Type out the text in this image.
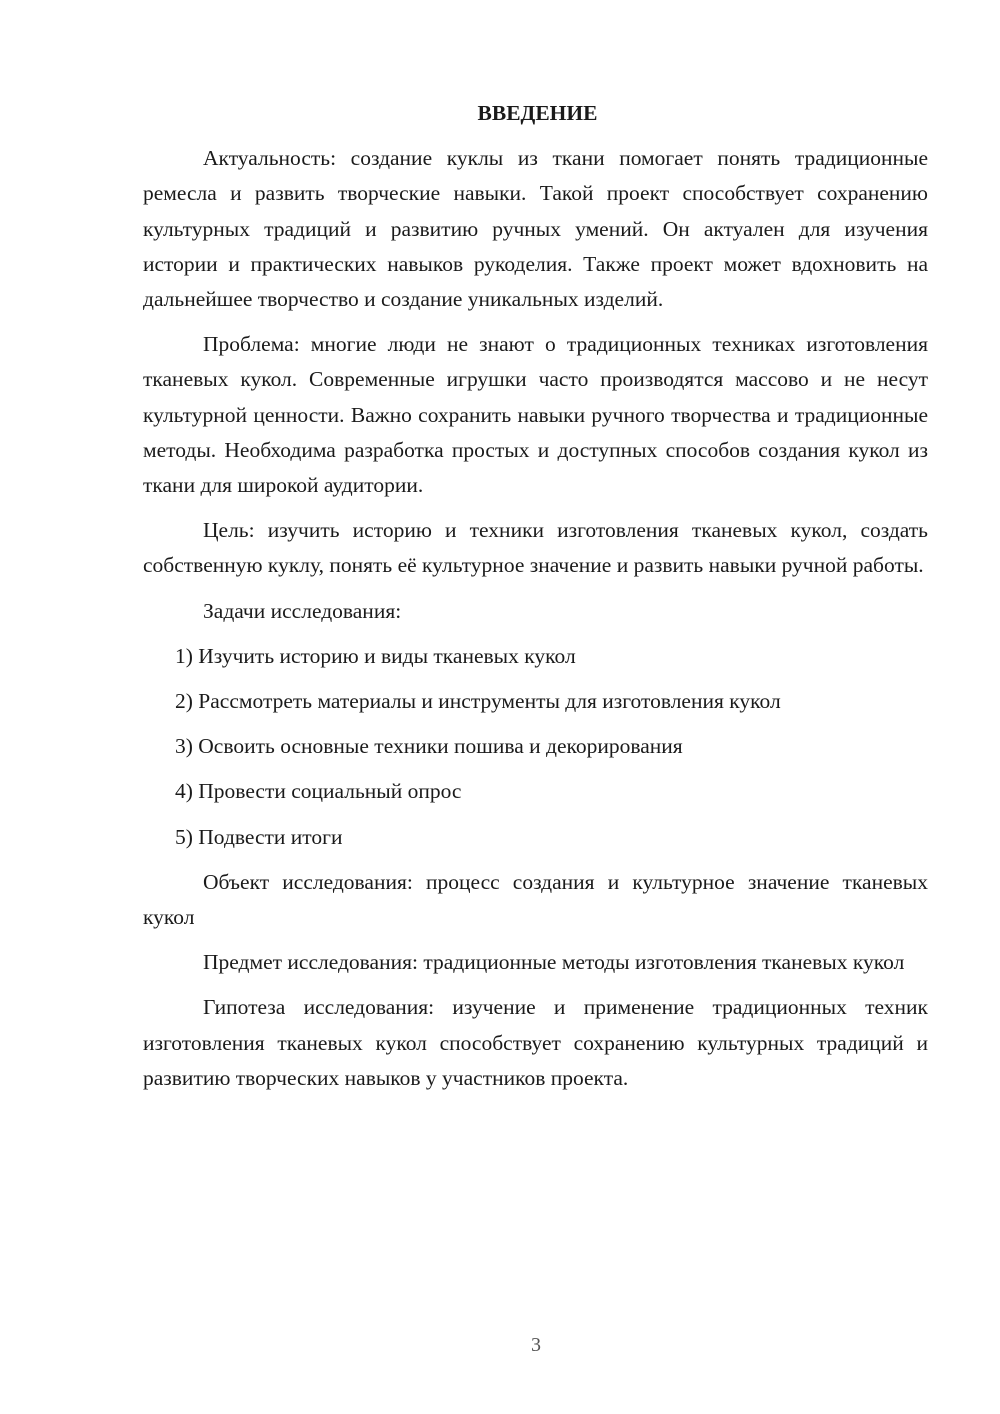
ВВЕДЕНИЕ

Актуальность: создание куклы из ткани помогает понять традиционные ремесла и развить творческие навыки. Такой проект способствует сохранению культурных традиций и развитию ручных умений. Он актуален для изучения истории и практических навыков рукоделия. Также проект может вдохновить на дальнейшее творчество и создание уникальных изделий.

Проблема: многие люди не знают о традиционных техниках изготовления тканевых кукол. Современные игрушки часто производятся массово и не несут культурной ценности. Важно сохранить навыки ручного творчества и традиционные методы. Необходима разработка простых и доступных способов создания кукол из ткани для широкой аудитории.

Цель: изучить историю и техники изготовления тканевых кукол, создать собственную куклу, понять её культурное значение и развить навыки ручной работы.

Задачи исследования:

1) Изучить историю и виды тканевых кукол
2) Рассмотреть материалы и инструменты для изготовления кукол
3) Освоить основные техники пошива и декорирования
4) Провести социальный опрос
5) Подвести итоги

Объект исследования: процесс создания и культурное значение тканевых кукол

Предмет исследования: традиционные методы изготовления тканевых кукол

Гипотеза исследования: изучение и применение традиционных техник изготовления тканевых кукол способствует сохранению культурных традиций и развитию творческих навыков у участников проекта.

3
